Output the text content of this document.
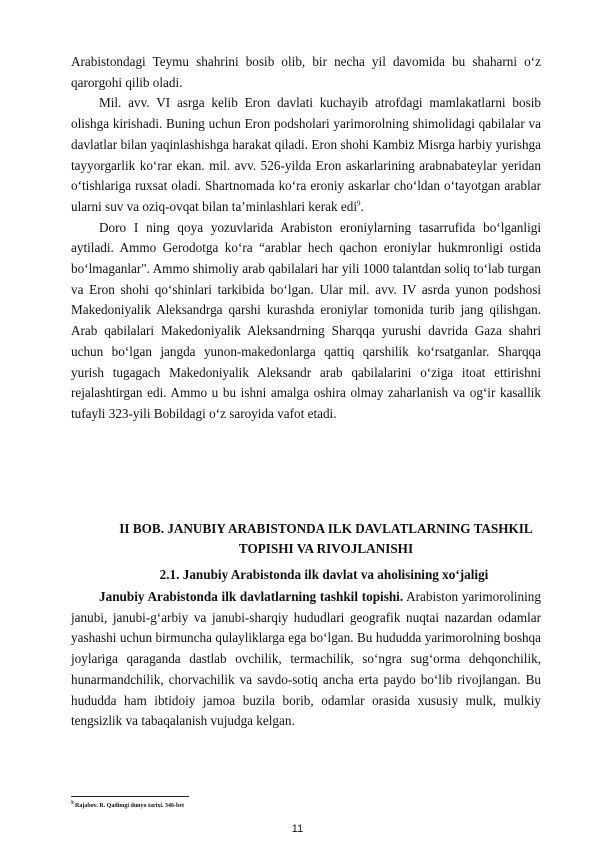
Arabistondagi Teymu shahrini bosib olib, bir necha yil davomida bu shaharni o‘z qarorgohi qilib oladi.

Mil. avv. VI asrga kelib Eron davlati kuchayib atrofdagi mamlakatlarni bosib olishga kirishadi. Buning uchun Eron podsholari yarimorolning shimolidagi qabilalar va davlatlar bilan yaqinlashishga harakat qiladi. Eron shohi Kambiz Misrga harbiy yurishga tayyorgarlik ko‘rar ekan. mil. avv. 526-yilda Eron askarlarining arabnabateylar yeridan o‘tishlariga ruxsat oladi. Shartnomada ko‘ra eroniy askarlar cho‘ldan o‘tayotgan arablar ularni suv va oziq-ovqat bilan ta’minlashlari kerak edi$^9$.

Doro I ning qoya yozuvlarida Arabiston eroniylarning tasarrufida bo‘lganligi aytiladi. Ammo Gerodotga ko‘ra “arablar hech qachon eroniylar hukmronligi ostida bo‘lmaganlar". Ammo shimoliy arab qabilalari har yili 1000 talantdan soliq to‘lab turgan va Eron shohi qo‘shinlari tarkibida bo‘lgan. Ular mil. avv. IV asrda yunon podshosi Makedoniyalik Aleksandrga qarshi kurashda eroniylar tomonida turib jang qilishgan. Arab qabilalari Makedoniyalik Aleksandrning Sharqqa yurushi davrida Gaza shahri uchun bo‘lgan jangda yunon-makedonlarga qattiq qarshilik ko‘rsatganlar. Sharqqa yurish tugagach Makedoniyalik Aleksandr arab qabilalarini o‘ziga itoat ettirishni rejalashtirgan edi. Ammo u bu ishni amalga oshira olmay zaharlanish va og‘ir kasallik tufayli 323-yili Bobildagi o‘z saroyida vafot etadi.

II BOB. JANUBIY ARABISTONDA ILK DAVLATLARNING TASHKIL TOPISHI VA RIVOJLANISHI
2.1. Janubiy Arabistonda ilk davlat va aholisining xo‘jaligi

Janubiy Arabistonda ilk davlatlarning tashkil topishi. Arabiston yarimorolining janubi, janubi-g‘arbiy va janubi-sharqiy hududlari geografik nuqtai nazardan odamlar yashashi uchun birmuncha qulayliklarga ega bo‘lgan. Bu hududda yarimorolning boshqa joylariga qaraganda dastlab ovchilik, termachilik, so‘ngra sug‘orma dehqonchilik, hunarmandchilik, chorvachilik va savdo-sotiq ancha erta paydo bo‘lib rivojlangan. Bu hududda ham ibtidoiy jamoa buzila borib, odamlar orasida xususiy mulk, mulkiy tengsizlik va tabaqalanish vujudga kelgan.

$^9$ Rajabov. R. Qadimgi dunyo tarixi. 346-bet
11
